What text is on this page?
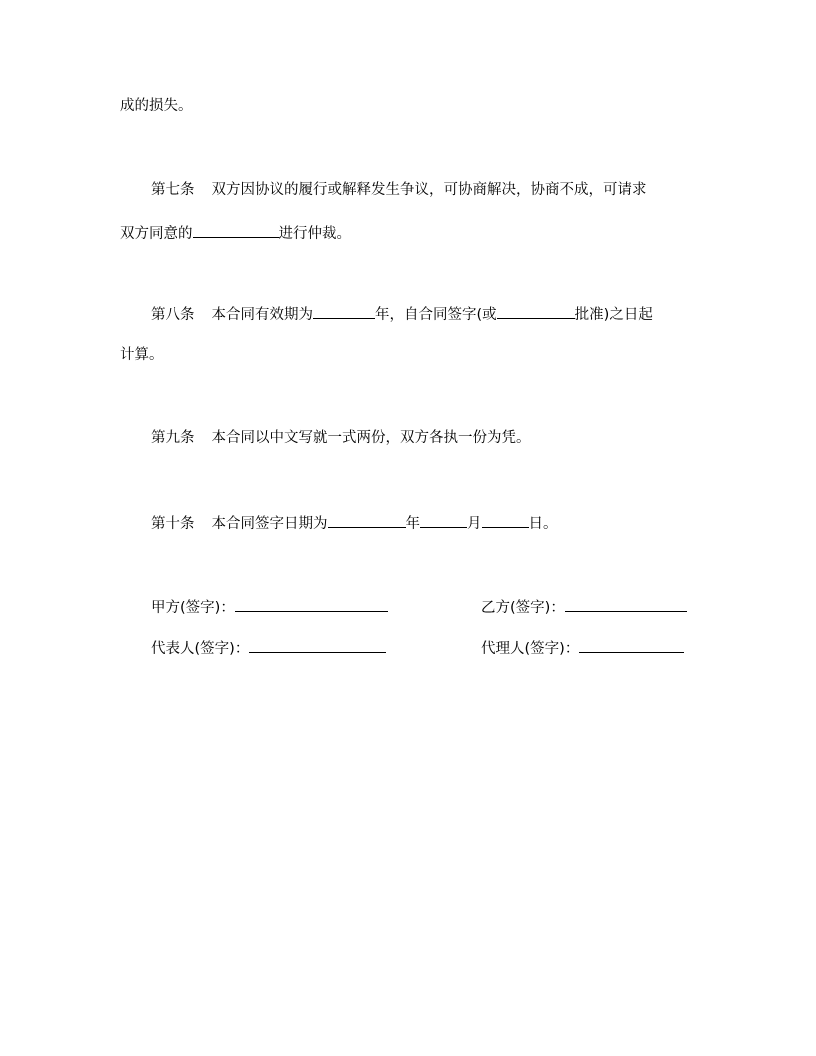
成的损失。
第七条 双方因协议的履行或解释发生争议，可协商解决，协商不成，可请求
双方同意的	进行仲裁。
第八条 本合同有效期为	年，自合同签字(或	批准)之日起
计算。
第九条 本合同以中文写就一式两份，双方各执一份为凭。
第十条 本合同签字日期为	年	月	日。
甲方(签字)：	乙方(签字)：
代表人(签字)：	代理人(签字)：
